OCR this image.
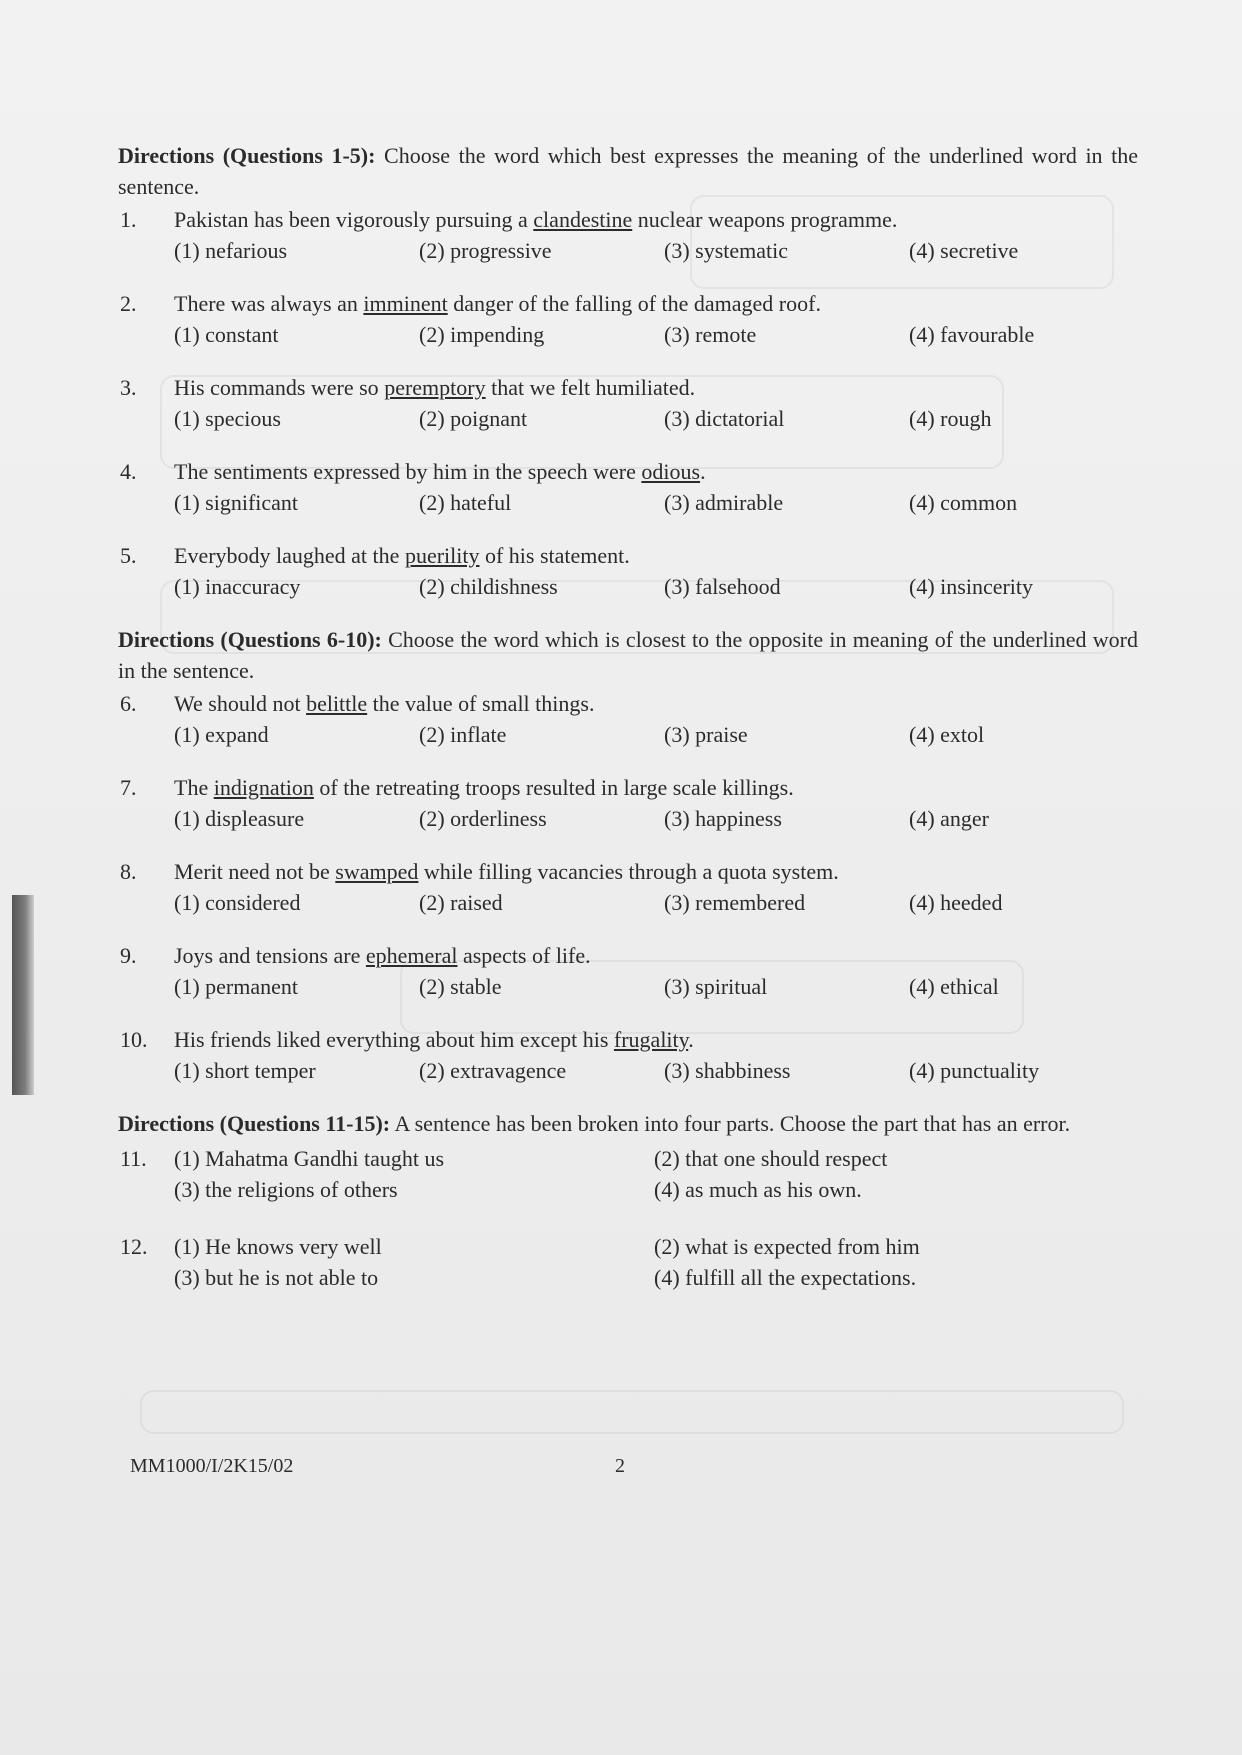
Directions (Questions 1-5): Choose the word which best expresses the meaning of the underlined word in the sentence.
1.	Pakistan has been vigorously pursuing a clandestine nuclear weapons programme.
(1) nefarious	(2) progressive	(3) systematic	(4) secretive
2.	There was always an imminent danger of the falling of the damaged roof.
(1) constant	(2) impending	(3) remote	(4) favourable
3.	His commands were so peremptory that we felt humiliated.
(1) specious	(2) poignant	(3) dictatorial	(4) rough
4.	The sentiments expressed by him in the speech were odious.
(1) significant	(2) hateful	(3) admirable	(4) common
5.	Everybody laughed at the puerility of his statement.
(1) inaccuracy	(2) childishness	(3) falsehood	(4) insincerity
Directions (Questions 6-10): Choose the word which is closest to the opposite in meaning of the underlined word in the sentence.
6.	We should not belittle the value of small things.
(1) expand	(2) inflate	(3) praise	(4) extol
7.	The indignation of the retreating troops resulted in large scale killings.
(1) displeasure	(2) orderliness	(3) happiness	(4) anger
8.	Merit need not be swamped while filling vacancies through a quota system.
(1) considered	(2) raised	(3) remembered	(4) heeded
9.	Joys and tensions are ephemeral aspects of life.
(1) permanent	(2) stable	(3) spiritual	(4) ethical
10.	His friends liked everything about him except his frugality.
(1) short temper	(2) extravagence	(3) shabbiness	(4) punctuality
Directions (Questions 11-15): A sentence has been broken into four parts. Choose the part that has an error.
11.	(1) Mahatma Gandhi taught us	(2) that one should respect
(3) the religions of others	(4) as much as his own.
12.	(1) He knows very well	(2) what is expected from him
(3) but he is not able to	(4) fulfill all the expectations.
MM1000/I/2K15/02	2
